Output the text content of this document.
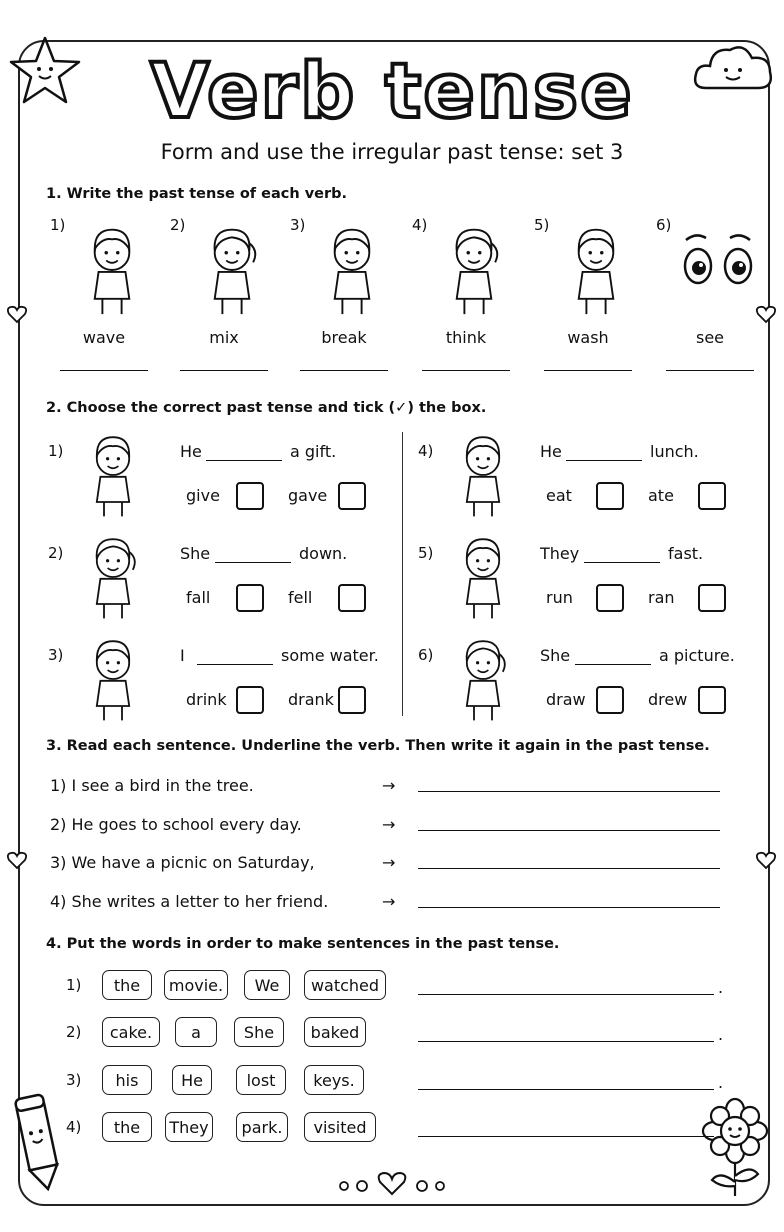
Verb tense
Form and use the irregular past tense: set 3
1. Write the past tense of each verb.
1)
wave
2)
mix
3)
break
4)
think
5)
wash
6)
see
2. Choose the correct past tense and tick (✓) the box.
1)	He	a gift.
give	gave
2)	She	down.
fall	fell
3)	I	some water.
drink	drank
4)	He	lunch.
eat	ate
5)	They	fast.
run	ran
6)	She	a picture.
draw	drew
3. Read each sentence. Underline the verb. Then write it again in the past tense.
1) I see a bird in the tree.	→
2) He goes to school every day.	→
3) We have a picnic on Saturday,	→
4) She writes a letter to her friend.	→
4. Put the words in order to make sentences in the past tense.
1)	the	movie.	We	watched	.
2)	cake.	a	She	baked	.
3)	his	He	lost	keys.	.
4)	the	They	park.	visited
